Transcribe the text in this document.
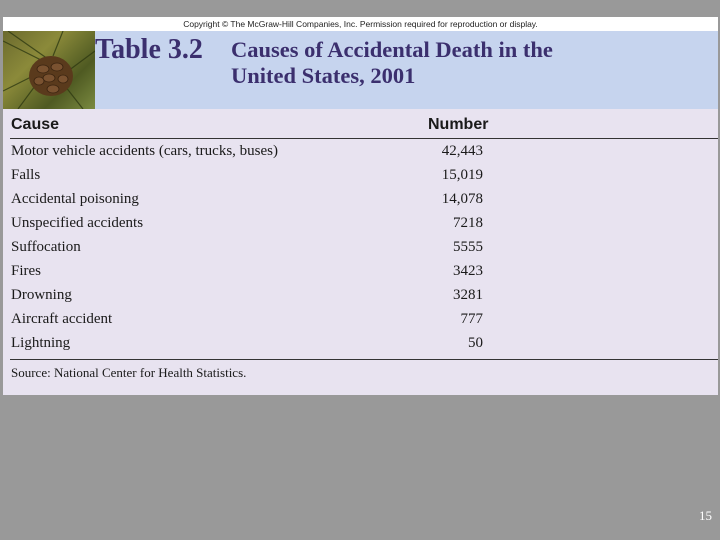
Copyright © The McGraw-Hill Companies, Inc. Permission required for reproduction or display.
Table 3.2 Causes of Accidental Death in the
United States, 2001
Cause	Number
Motor vehicle accidents (cars, trucks, buses)	42,443
Falls	15,019
Accidental poisoning	14,078
Unspecified accidents	7218
Suffocation	5555
Fires	3423
Drowning	3281
Aircraft accident	777
Lightning	50
Source: National Center for Health Statistics.
15
